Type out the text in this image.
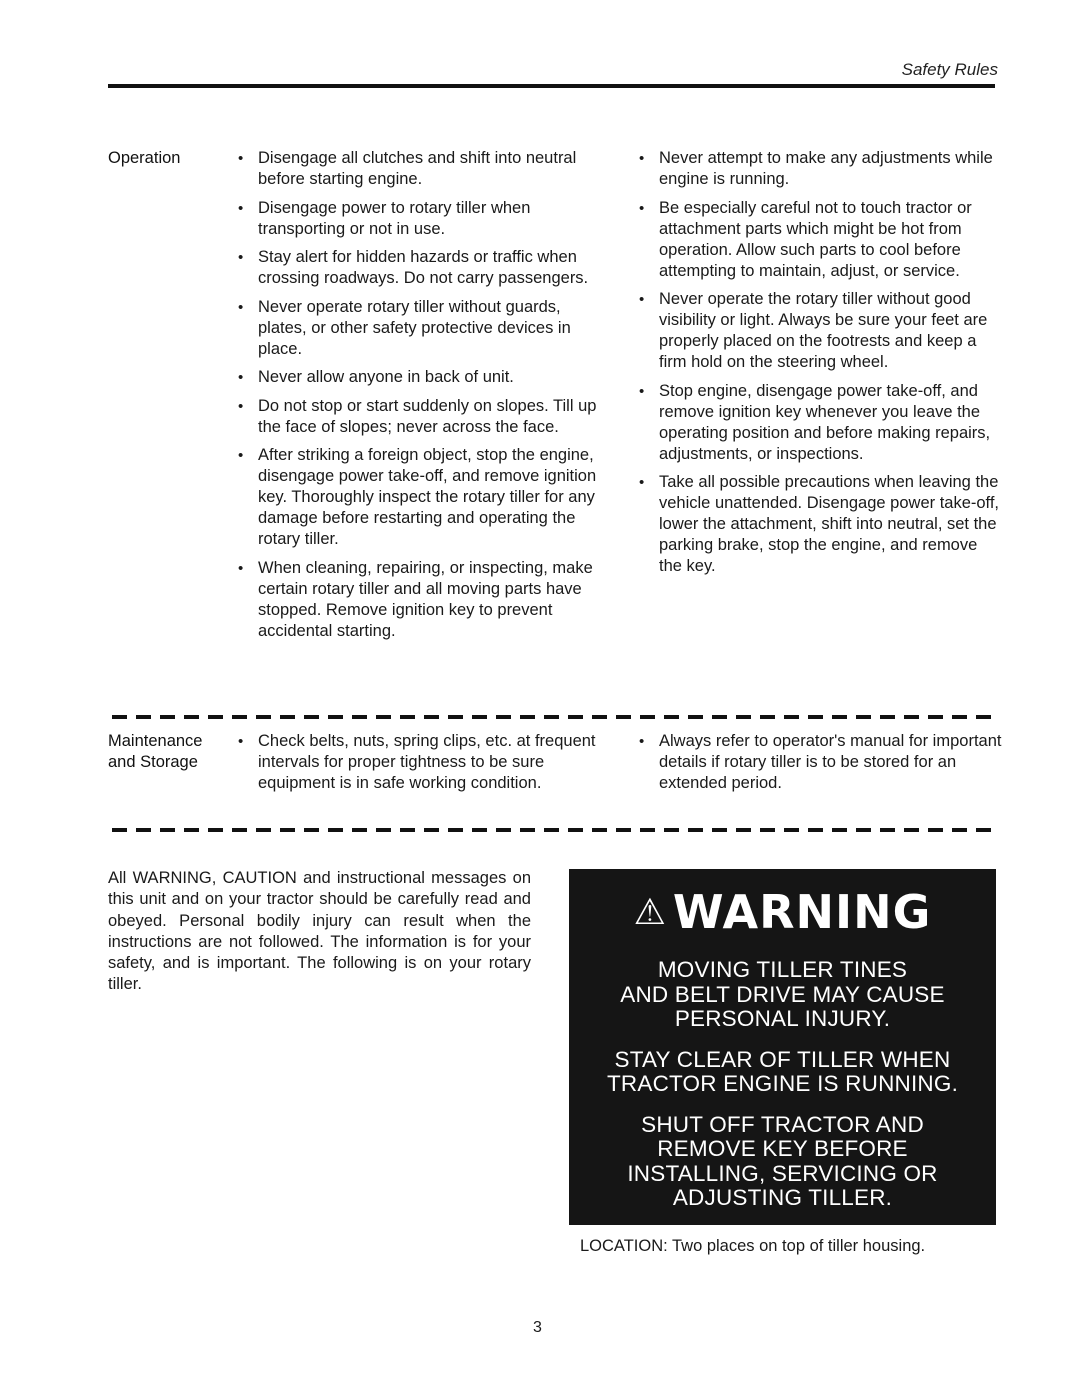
Safety Rules
Operation
•	Disengage all clutches and shift into neutral before starting engine.
• Disengage power to rotary tiller when transporting or not in use.
• Stay alert for hidden hazards or traffic when crossing roadways. Do not carry passengers.
• Never operate rotary tiller without guards, plates, or other safety protective devices in place.
• Never allow anyone in back of unit.
• Do not stop or start suddenly on slopes. Till up the face of slopes; never across the face.
• After striking a foreign object, stop the engine, disengage power take-off, and remove ignition key. Thoroughly inspect the rotary tiller for any damage before restarting and operating the rotary tiller.
• When cleaning, repairing, or inspecting, make certain rotary tiller and all moving parts have stopped. Remove ignition key to prevent accidental starting.
• Never attempt to make any adjustments while engine is running.
• Be especially careful not to touch tractor or attachment parts which might be hot from operation. Allow such parts to cool before attempting to maintain, adjust, or service.
• Never operate the rotary tiller without good visibility or light. Always be sure your feet are properly placed on the footrests and keep a firm hold on the steering wheel.
• Stop engine, disengage power take-off, and remove ignition key whenever you leave the operating position and before making repairs, adjustments, or inspections.
• Take all possible precautions when leaving the vehicle unattended. Disengage power take-off, lower the attachment, shift into neutral, set the parking brake, stop the engine, and remove the key.
Maintenance
and Storage
• Check belts, nuts, spring clips, etc. at frequent intervals for proper tightness to be sure equipment is in safe working condition.
• Always refer to operator's manual for important details if rotary tiller is to be stored for an extended period.
All WARNING, CAUTION and instructional messages on this unit and on your tractor should be carefully read and obeyed. Personal bodily injury can result when the instructions are not followed. The information is for your safety, and is important. The following is on your rotary tiller.
⚠ WARNING
MOVING TILLER TINES
AND BELT DRIVE MAY CAUSE
PERSONAL INJURY.
STAY CLEAR OF TILLER WHEN
TRACTOR ENGINE IS RUNNING.
SHUT OFF TRACTOR AND
REMOVE KEY BEFORE
INSTALLING, SERVICING OR
ADJUSTING TILLER.
LOCATION: Two places on top of tiller housing.
3
